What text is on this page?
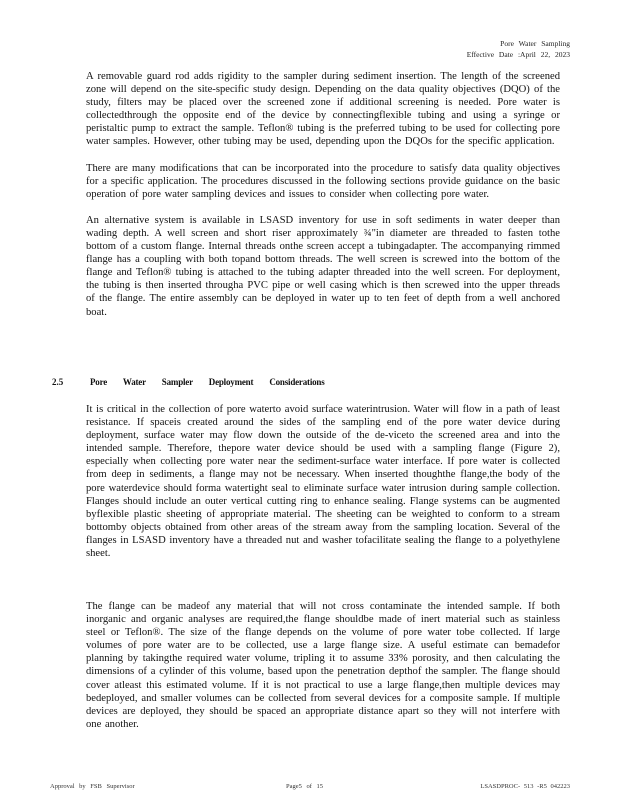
Pore Water Sampling
Effective Date :April 22, 2023

A removable guard rod adds rigidity to the sampler during sediment insertion. The length of the screened zone will depend on the site-specific study design. Depending on the data quality objectives (DQO) of the study, filters may be placed over the screened zone if additional screening is needed. Pore water is collectedthrough the opposite end of the device by connectingflexible tubing and using a syringe or peristaltic pump to extract the sample. Teflon® tubing is the preferred tubing to be used for collecting pore water samples. However, other tubing may be used, depending upon the DQOs for the specific application.

There are many modifications that can be incorporated into the procedure to satisfy data quality objectives for a specific application. The procedures discussed in the following sections provide guidance on the basic operation of pore water sampling devices and issues to consider when collecting pore water.

An alternative system is available in LSASD inventory for use in soft sediments in water deeper than wading depth. A well screen and short riser approximately ¾"in diameter are threaded to fasten tothe bottom of a custom flange. Internal threads onthe screen accept a tubingadapter. The accompanying rimmed flange has a coupling with both topand bottom threads. The well screen is screwed into the bottom of the flange and Teflon® tubing is attached to the tubing adapter threaded into the well screen. For deployment, the tubing is then inserted througha PVC pipe or well casing which is then screwed into the upper threads of the flange. The entire assembly can be deployed in water up to ten feet of depth from a well anchored boat.

2.5	Pore Water Sampler Deployment Considerations

It is critical in the collection of pore waterto avoid surface waterintrusion. Water will flow in a path of least resistance. If spaceis created around the sides of the sampling end of the pore water device during deployment, surface water may flow down the outside of the de-viceto the screened area and into the intended sample. Therefore, thepore water device should be used with a sampling flange (Figure 2), especially when collecting pore water near the sediment-surface water interface. If pore water is collected from deep in sediments, a flange may not be necessary. When inserted thoughthe flange,the body of the pore waterdevice should forma watertight seal to eliminate surface water intrusion during sample collection. Flanges should include an outer vertical cutting ring to enhance sealing. Flange systems can be augmented byflexible plastic sheeting of appropriate material. The sheeting can be weighted to conform to a stream bottomby objects obtained from other areas of the stream away from the sampling location. Several of the flanges in LSASD inventory have a threaded nut and washer tofacilitate sealing the flange to a polyethylene sheet.

The flange can be madeof any material that will not cross contaminate the intended sample. If both inorganic and organic analyses are required,the flange shouldbe made of inert material such as stainless steel or Teflon®. The size of the flange depends on the volume of pore water tobe collected. If large volumes of pore water are to be collected, use a large flange size. A useful estimate can bemadefor planning by takingthe required water volume, tripling it to assume 33% porosity, and then calculating the dimensions of a cylinder of this volume, based upon the penetration depthof the sampler. The flange should cover atleast this estimated volume. If it is not practical to use a large flange,then multiple devices may bedeployed, and smaller volumes can be collected from several devices for a composite sample. If multiple devices are deployed, they should be spaced an appropriate distance apart so they will not interfere with one another.

Approval by FSB Supervisor	Page5 of 15	LSASDPROC- 513 -R5 042223
